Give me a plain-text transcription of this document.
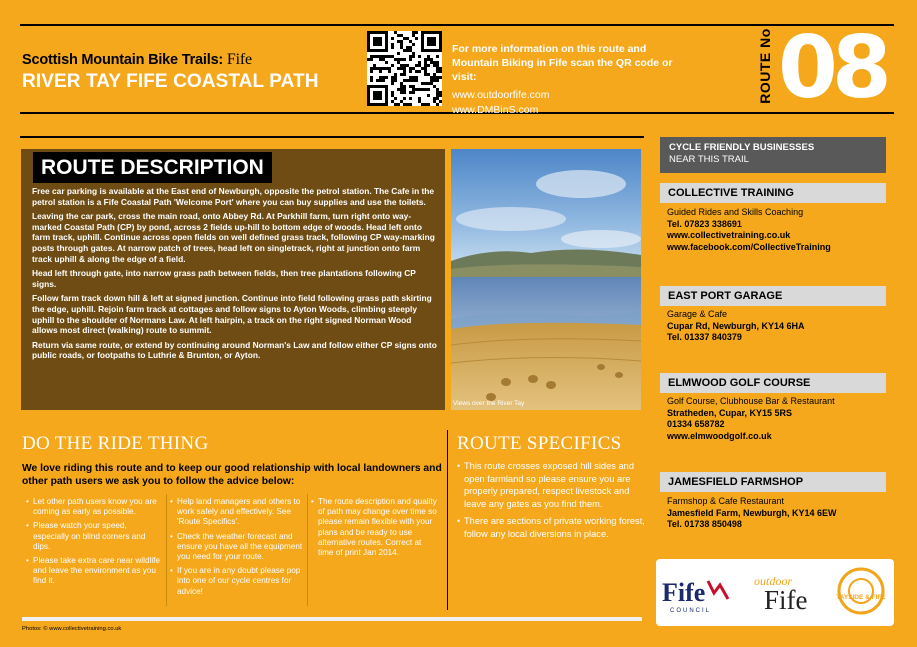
Scottish Mountain Bike Trails: Fife
RIVER TAY FIFE COASTAL PATH
For more information on this route and
Mountain Biking in Fife scan the QR code or visit:
www.outdoorfife.com
www.DMBinS.com
ROUTE No 08
ROUTE DESCRIPTION

Free car parking is available at the East end of Newburgh, opposite the petrol station. The Cafe in the petrol station is a Fife Coastal Path 'Welcome Port' where you can buy supplies and use the toilets.

Leaving the car park, cross the main road, onto Abbey Rd. At Parkhill farm, turn right onto way-marked Coastal Path (CP) by pond, across 2 fields up-hill to bottom edge of woods. Head left onto farm track, uphill. Continue across open fields on well defined grass track, following CP way-marking posts through gates. At narrow patch of trees, head left on singletrack, right at junction onto farm track uphill & along the edge of a field.

Head left through gate, into narrow grass path between fields, then tree plantations following CP signs.

Follow farm track down hill & left at signed junction. Continue into field following grass path skirting the edge, uphill. Rejoin farm track at cottages and follow signs to Ayton Woods, climbing steeply uphill to the shoulder of Normans Law. At left hairpin, a track on the right signed Norman Wood allows most direct (walking) route to summit.

Return via same route, or extend by continuing around Norman's Law and follow either CP signs onto public roads, or footpaths to Luthrie & Brunton, or Ayton.

Views over the River Tay
CYCLE FRIENDLY BUSINESSES
NEAR THIS TRAIL
COLLECTIVE TRAINING
Guided Rides and Skills Coaching
Tel. 07823 338691
www.collectivetraining.co.uk
www.facebook.com/CollectiveTraining
EAST PORT GARAGE
Garage & Cafe
Cupar Rd, Newburgh, KY14 6HA
Tel. 01337 840379
ELMWOOD GOLF COURSE
Golf Course, Clubhouse Bar & Restaurant
Stratheden, Cupar, KY15 5RS
01334 658782
www.elmwoodgolf.co.uk
JAMESFIELD FARMSHOP
Farmshop & Cafe Restaurant
Jamesfield Farm, Newburgh, KY14 6EW
Tel. 01738 850498
Fife
COUNCIL
outdoor
Fife	TAYSIDE & FIFE
DO THE RIDE THING
We love riding this route and to keep our good relationship with local landowners and other path users we ask you to follow the advice below:
• Let other path users know you are coming as early as possible.
• Please watch your speed, especially on blind corners and dips.
• Please take extra care near wildlife and leave the environment as you find it.
• Help land managers and others to work safely and effectively. See 'Route Specifics'.
• Check the weather forecast and ensure you have all the equipment you need for your route.
• If you are in any doubt please pop into one of our cycle centres for advice!
• The route description and quality of path may change over time so please remain flexible with your plans and be ready to use alternative routes. Correct at time of print Jan 2014.
ROUTE SPECIFICS
• This route crosses exposed hill sides and open farmland so please ensure you are properly prepared, respect livestock and leave any gates as you find them.
• There are sections of private working forest, follow any local diversions in place.
Photos: © www.collectivetraining.co.uk
